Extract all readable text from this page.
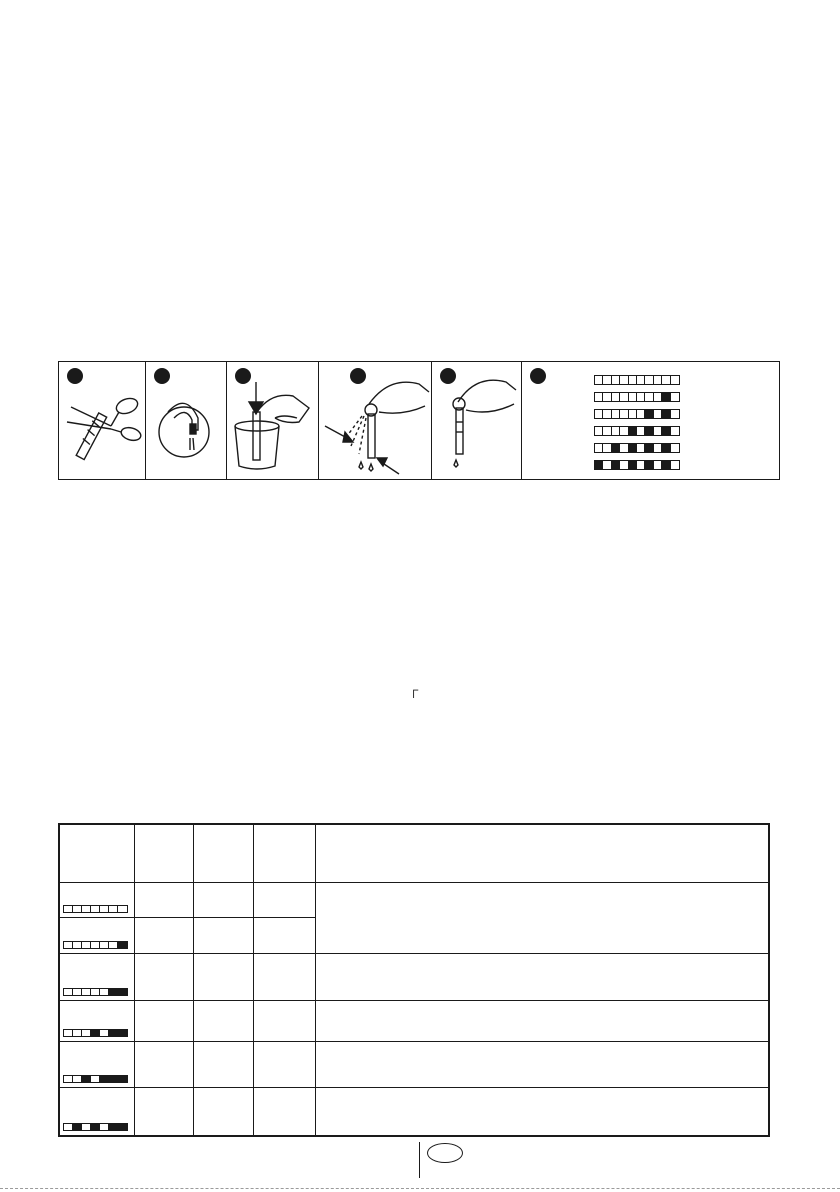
┌
